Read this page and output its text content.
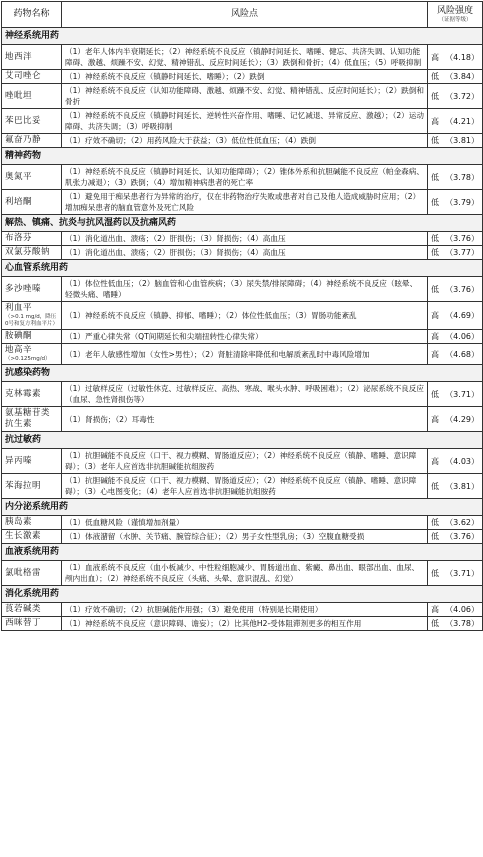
药物名称	风险点	风险强度
（证据等级）

神经系统用药		
地西泮	（1）老年人体内半衰期延长；（2）神经系统不良反应（镇静时间延长、嗜睡、健忘、共济失调、认知功能障碍、激越、烦躁不安、幻觉、精神错乱、反应时间延长）；（3）跌倒和骨折；（4）低血压；（5）呼吸抑制	高 （4.18）

艾司唑仑	（1）神经系统不良反应（镇静时间延长、嗜睡）；（2）跌倒	低 （3.84）

唑吡坦	（1）神经系统不良反应（认知功能障碍、激越、烦躁不安、幻觉、精神错乱、反应时间延长）；（2）跌倒和骨折	低 （3.72）

苯巴比妥	（1）神经系统不良反应（镇静时间延长、逆转性兴奋作用、嗜睡、记忆减退、异常反应、激越）；（2）运动障碍、共济失调；（3）呼吸抑制	高 （4.21）

氟奋乃静	（1）疗效不确切；（2）用药风险大于获益；（3）低位性低血压；（4）跌倒	低 （3.81）

精神药物		
奥氮平	（1）神经系统不良反应（镇静时间延长、认知功能障碍）；（2）锥体外系和抗胆碱能不良反应（帕金森病、肌张力减退）；（3）跌倒；（4）增加精神病患者的死亡率	低 （3.78）

利培酮	（1）避免用于痴呆患者行为异常的治疗，仅在非药物治疗失败或患者对自己及他人造成威胁时应用；（2）增加痴呆患者的脑血管意外及死亡风险	低 （3.79）

解热、镇痛、抗炎与抗风湿药以及抗痛风药		
布洛芬	（1）消化道出血、溃疡；（2）肝损伤；（3）肾损伤；（4）高血压	低 （3.76）

双氯芬酸钠	（1）消化道出血、溃疡；（2）肝损伤；（3）肾损伤；（4）高血压	低 （3.77）

心血管系统用药		
多沙唑嗪	（1）体位性低血压；（2）脑血管和心血管疾病；（3）尿失禁/排尿障碍；（4）神经系统不良反应（眩晕、轻微头痛、嗜睡）	低 （3.76）

利血平
（>0.1 mg/d，降压0号和复方利血平片）	（1）神经系统不良反应（镇静、抑郁、嗜睡）；（2）体位性低血压；（3）胃肠功能紊乱	高 （4.69）

胺碘酮	（1）严重心律失常（QT间期延长和尖端扭转性心律失常）	高 （4.06）

地高辛
（>0.125mg/d）	（1）老年人敏感性增加（女性>男性）；（2）肾脏清除率降低和电解质紊乱时中毒风险增加	高 （4.68）

抗感染药物		
克林霉素	（1）过敏样反应（过敏性休克、过敏样反应、高热、寒战、喉头水肿、呼吸困难）；（2）泌尿系统不良反应（血尿、急性肾损伤等）	低 （3.71）

氨基糖苷类抗生素	（1）肾损伤；（2）耳毒性	高 （4.29）

抗过敏药		
异丙嗪	（1）抗胆碱能不良反应（口干、视力模糊、胃肠道反应）；（2）神经系统不良反应（镇静、嗜睡、意识障碍）；（3）老年人应首选非抗胆碱能抗组胺药	高 （4.03）

苯海拉明	（1）抗胆碱能不良反应（口干、视力模糊、胃肠道反应）；（2）神经系统不良反应（镇静、嗜睡、意识障碍）；（3）心电图变化；（4）老年人应首选非抗胆碱能抗组胺药	低 （3.81）

内分泌系统用药		
胰岛素	（1）低血糖风险（谨慎增加剂量）	低 （3.62）

生长激素	（1）体液潴留（水肿、关节痛、腕管综合征）；（2）男子女性型乳房；（3）空腹血糖受损	低 （3.76）

血液系统用药		
氯吡格雷	（1）血液系统不良反应（血小板减少、中性粒细胞减少、胃肠道出血、紫癜、鼻出血、眼部出血、血尿、颅内出血）；（2）神经系统不良反应（头痛、头晕、意识混乱、幻觉）	低 （3.71）

消化系统用药		
莨菪碱类	（1）疗效不确切；（2）抗胆碱能作用强；（3）避免使用（特别是长期使用）	高 （4.06）

西咪替丁	（1）神经系统不良反应（意识障碍、谵妄）；（2）比其他H2-受体阻滞剂更多的相互作用	低 （3.78）
